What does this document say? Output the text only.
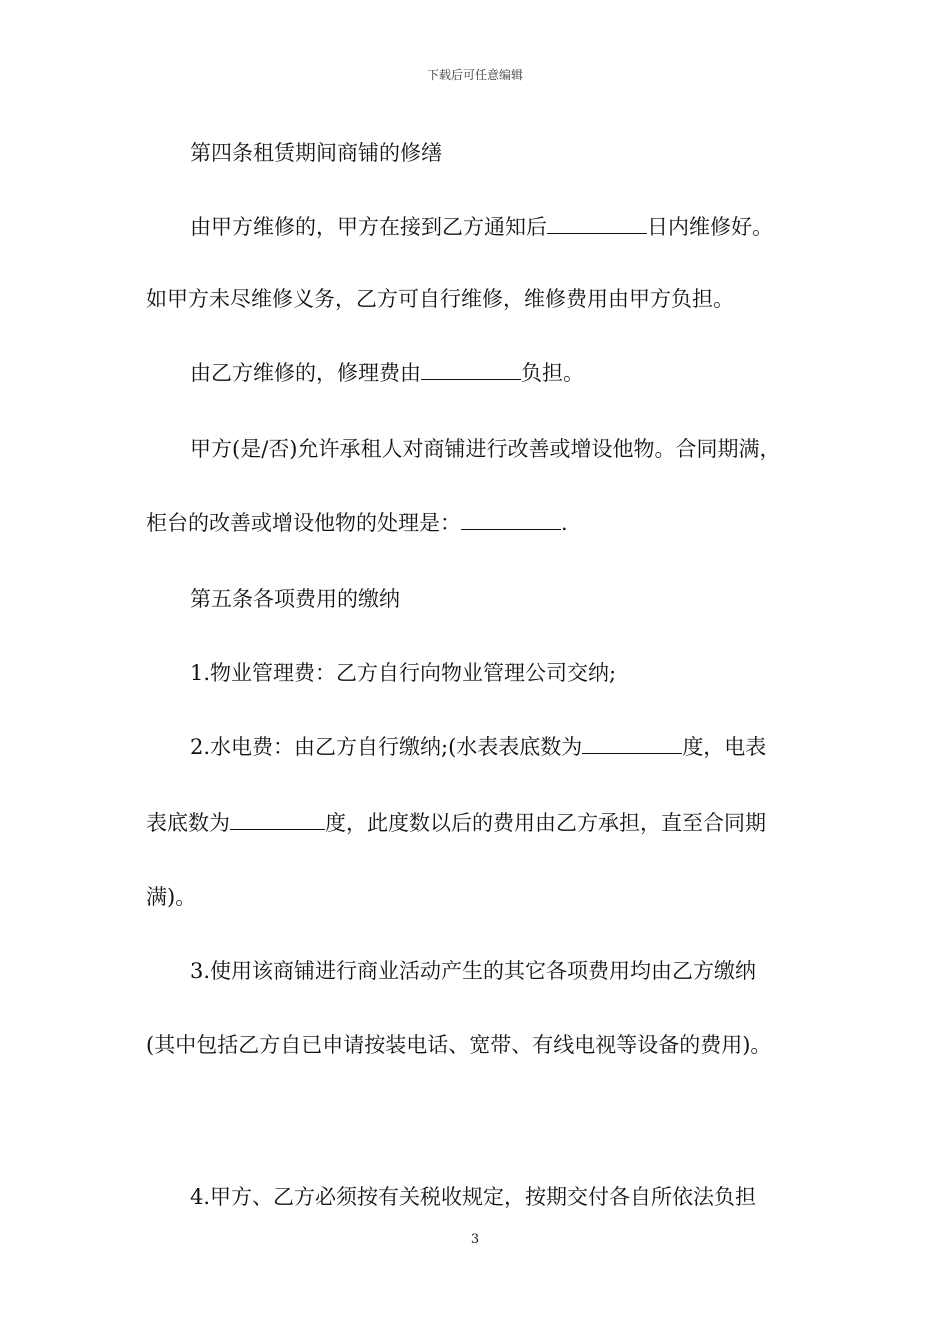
下载后可任意编辑
第四条租赁期间商铺的修缮
由甲方维修的，甲方在接到乙方通知后	日内维修好。
如甲方未尽维修义务，乙方可自行维修，维修费用由甲方负担。
由乙方维修的，修理费由	负担。
甲方(是/否)允许承租人对商铺进行改善或增设他物。合同期满，
柜台的改善或增设他物的处理是：	.
第五条各项费用的缴纳
1.物业管理费：乙方自行向物业管理公司交纳;
2.水电费：由乙方自行缴纳;(水表表底数为	度，电表
表底数为	度，此度数以后的费用由乙方承担，直至合同期
满)。
3.使用该商铺进行商业活动产生的其它各项费用均由乙方缴纳
(其中包括乙方自已申请按装电话、宽带、有线电视等设备的费用)。
4.甲方、乙方必须按有关税收规定，按期交付各自所依法负担
3
